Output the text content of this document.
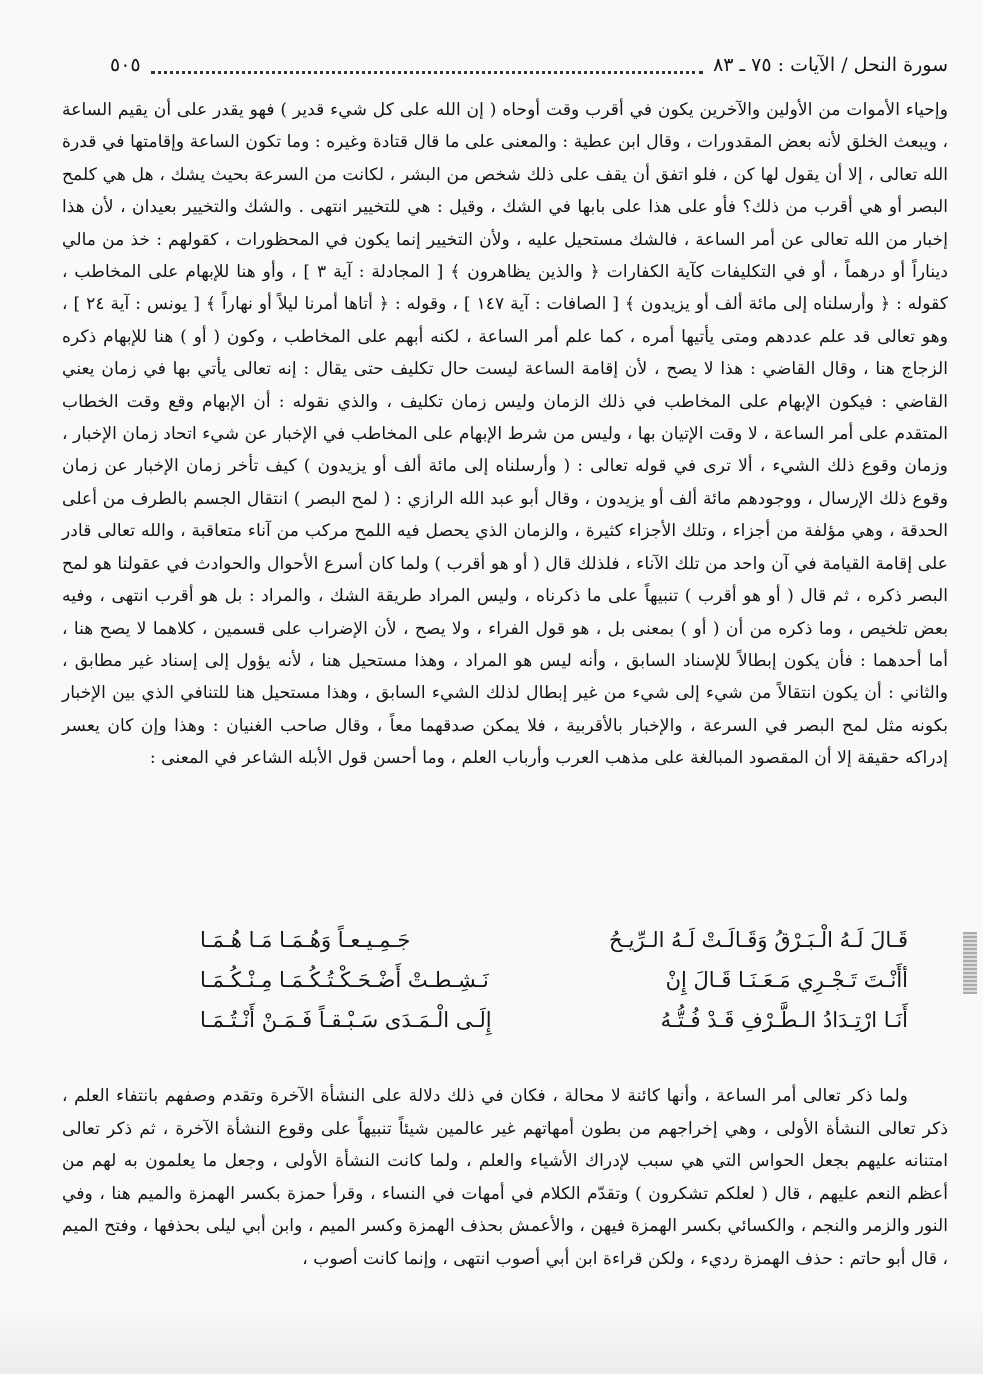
سورة النحل / الآيات : ٧٥ ـ ٨٣
٥٠٥

وإحياء الأموات من الأولين والآخرين يكون في أقرب وقت أوحاه ( إن الله على كل شيء قدير ) فهو يقدر على أن يقيم الساعة ، ويبعث الخلق لأنه بعض المقدورات ، وقال ابن عطية : والمعنى على ما قال قتادة وغيره : وما تكون الساعة وإقامتها في قدرة الله تعالى ، إلا أن يقول لها كن ، فلو اتفق أن يقف على ذلك شخص من البشر ، لكانت من السرعة بحيث يشك ، هل هي كلمح البصر أو هي أقرب من ذلك؟ فأو على هذا على بابها في الشك ، وقيل : هي للتخيير انتهى . والشك والتخيير بعيدان ، لأن هذا إخبار من الله تعالى عن أمر الساعة ، فالشك مستحيل عليه ، ولأن التخيير إنما يكون في المحظورات ، كقولهم : خذ من مالي ديناراً أو درهماً ، أو في التكليفات كآية الكفارات ﴿ والذين يظاهرون ﴾ [ المجادلة : آية ٣ ] ، وأو هنا للإبهام على المخاطب ، كقوله : ﴿ وأرسلناه إلى مائة ألف أو يزيدون ﴾ [ الصافات : آية ١٤٧ ] ، وقوله : ﴿ أتاها أمرنا ليلاً أو نهاراً ﴾ [ يونس : آية ٢٤ ] ، وهو تعالى قد علم عددهم ومتى يأتيها أمره ، كما علم أمر الساعة ، لكنه أبهم على المخاطب ، وكون ( أو ) هنا للإبهام ذكره الزجاج هنا ، وقال القاضي : هذا لا يصح ، لأن إقامة الساعة ليست حال تكليف حتى يقال : إنه تعالى يأتي بها في زمان يعني القاضي : فيكون الإبهام على المخاطب في ذلك الزمان وليس زمان تكليف ، والذي نقوله : أن الإبهام وقع وقت الخطاب المتقدم على أمر الساعة ، لا وقت الإتيان بها ، وليس من شرط الإبهام على المخاطب في الإخبار عن شيء اتحاد زمان الإخبار ، وزمان وقوع ذلك الشيء ، ألا ترى في قوله تعالى : ( وأرسلناه إلى مائة ألف أو يزيدون ) كيف تأخر زمان الإخبار عن زمان وقوع ذلك الإرسال ، ووجودهم مائة ألف أو يزيدون ، وقال أبو عبد الله الرازي : ( لمح البصر ) انتقال الجسم بالطرف من أعلى الحدقة ، وهي مؤلفة من أجزاء ، وتلك الأجزاء كثيرة ، والزمان الذي يحصل فيه اللمح مركب من آناء متعاقبة ، والله تعالى قادر على إقامة القيامة في آن واحد من تلك الآناء ، فلذلك قال ( أو هو أقرب ) ولما كان أسرع الأحوال والحوادث في عقولنا هو لمح البصر ذكره ، ثم قال ( أو هو أقرب ) تنبيهاً على ما ذكرناه ، وليس المراد طريقة الشك ، والمراد : بل هو أقرب انتهى ، وفيه بعض تلخيص ، وما ذكره من أن ( أو ) بمعنى بل ، هو قول الفراء ، ولا يصح ، لأن الإضراب على قسمين ، كلاهما لا يصح هنا ، أما أحدهما : فأن يكون إبطالاً للإسناد السابق ، وأنه ليس هو المراد ، وهذا مستحيل هنا ، لأنه يؤول إلى إسناد غير مطابق ، والثاني : أن يكون انتقالاً من شيء إلى شيء من غير إبطال لذلك الشيء السابق ، وهذا مستحيل هنا للتنافي الذي بين الإخبار بكونه مثل لمح البصر في السرعة ، والإخبار بالأقربية ، فلا يمكن صدقهما معاً ، وقال صاحب الغنيان : وهذا وإن كان يعسر إدراكه حقيقة إلا أن المقصود المبالغة على مذهب العرب وأرباب العلم ، وما أحسن قول الأبله الشاعر في المعنى :

قَـالَ لَـهُ الْـبَـرْقُ وَقَـالَـتْ لَـهُ الـرِّيـحُ
جَـمِـيـعـاً وَهُـمَـا مَـا هُـمَـا
أأَنْـتَ تَـجْـرِي مَـعَـنَـا قَـالَ إِنْ
نَـشِـطـتْ أَضْـحَـكْـتُـكُـمَـا مِـنْـكُـمَـا
أَنَـا ارْتِـدَادُ الـطَّـرْفِ قَـدْ فُـتُّـهُ
إِلَـى الْـمَـدَى سَـبْـقـاً فَـمَـنْ أَنْـتُـمَـا

ولما ذكر تعالى أمر الساعة ، وأنها كائنة لا محالة ، فكان في ذلك دلالة على النشأة الآخرة وتقدم وصفهم بانتفاء العلم ، ذكر تعالى النشأة الأولى ، وهي إخراجهم من بطون أمهاتهم غير عالمين شيئاً تنبيهاً على وقوع النشأة الآخرة ، ثم ذكر تعالى امتنانه عليهم بجعل الحواس التي هي سبب لإدراك الأشياء والعلم ، ولما كانت النشأة الأولى ، وجعل ما يعلمون به لهم من أعظم النعم عليهم ، قال ( لعلكم تشكرون ) وتقدّم الكلام في أمهات في النساء ، وقرأ حمزة بكسر الهمزة والميم هنا ، وفي النور والزمر والنجم ، والكسائي بكسر الهمزة فيهن ، والأعمش بحذف الهمزة وكسر الميم ، وابن أبي ليلى بحذفها ، وفتح الميم ، قال أبو حاتم : حذف الهمزة رديء ، ولكن قراءة ابن أبي أصوب انتهى ، وإنما كانت أصوب ،
